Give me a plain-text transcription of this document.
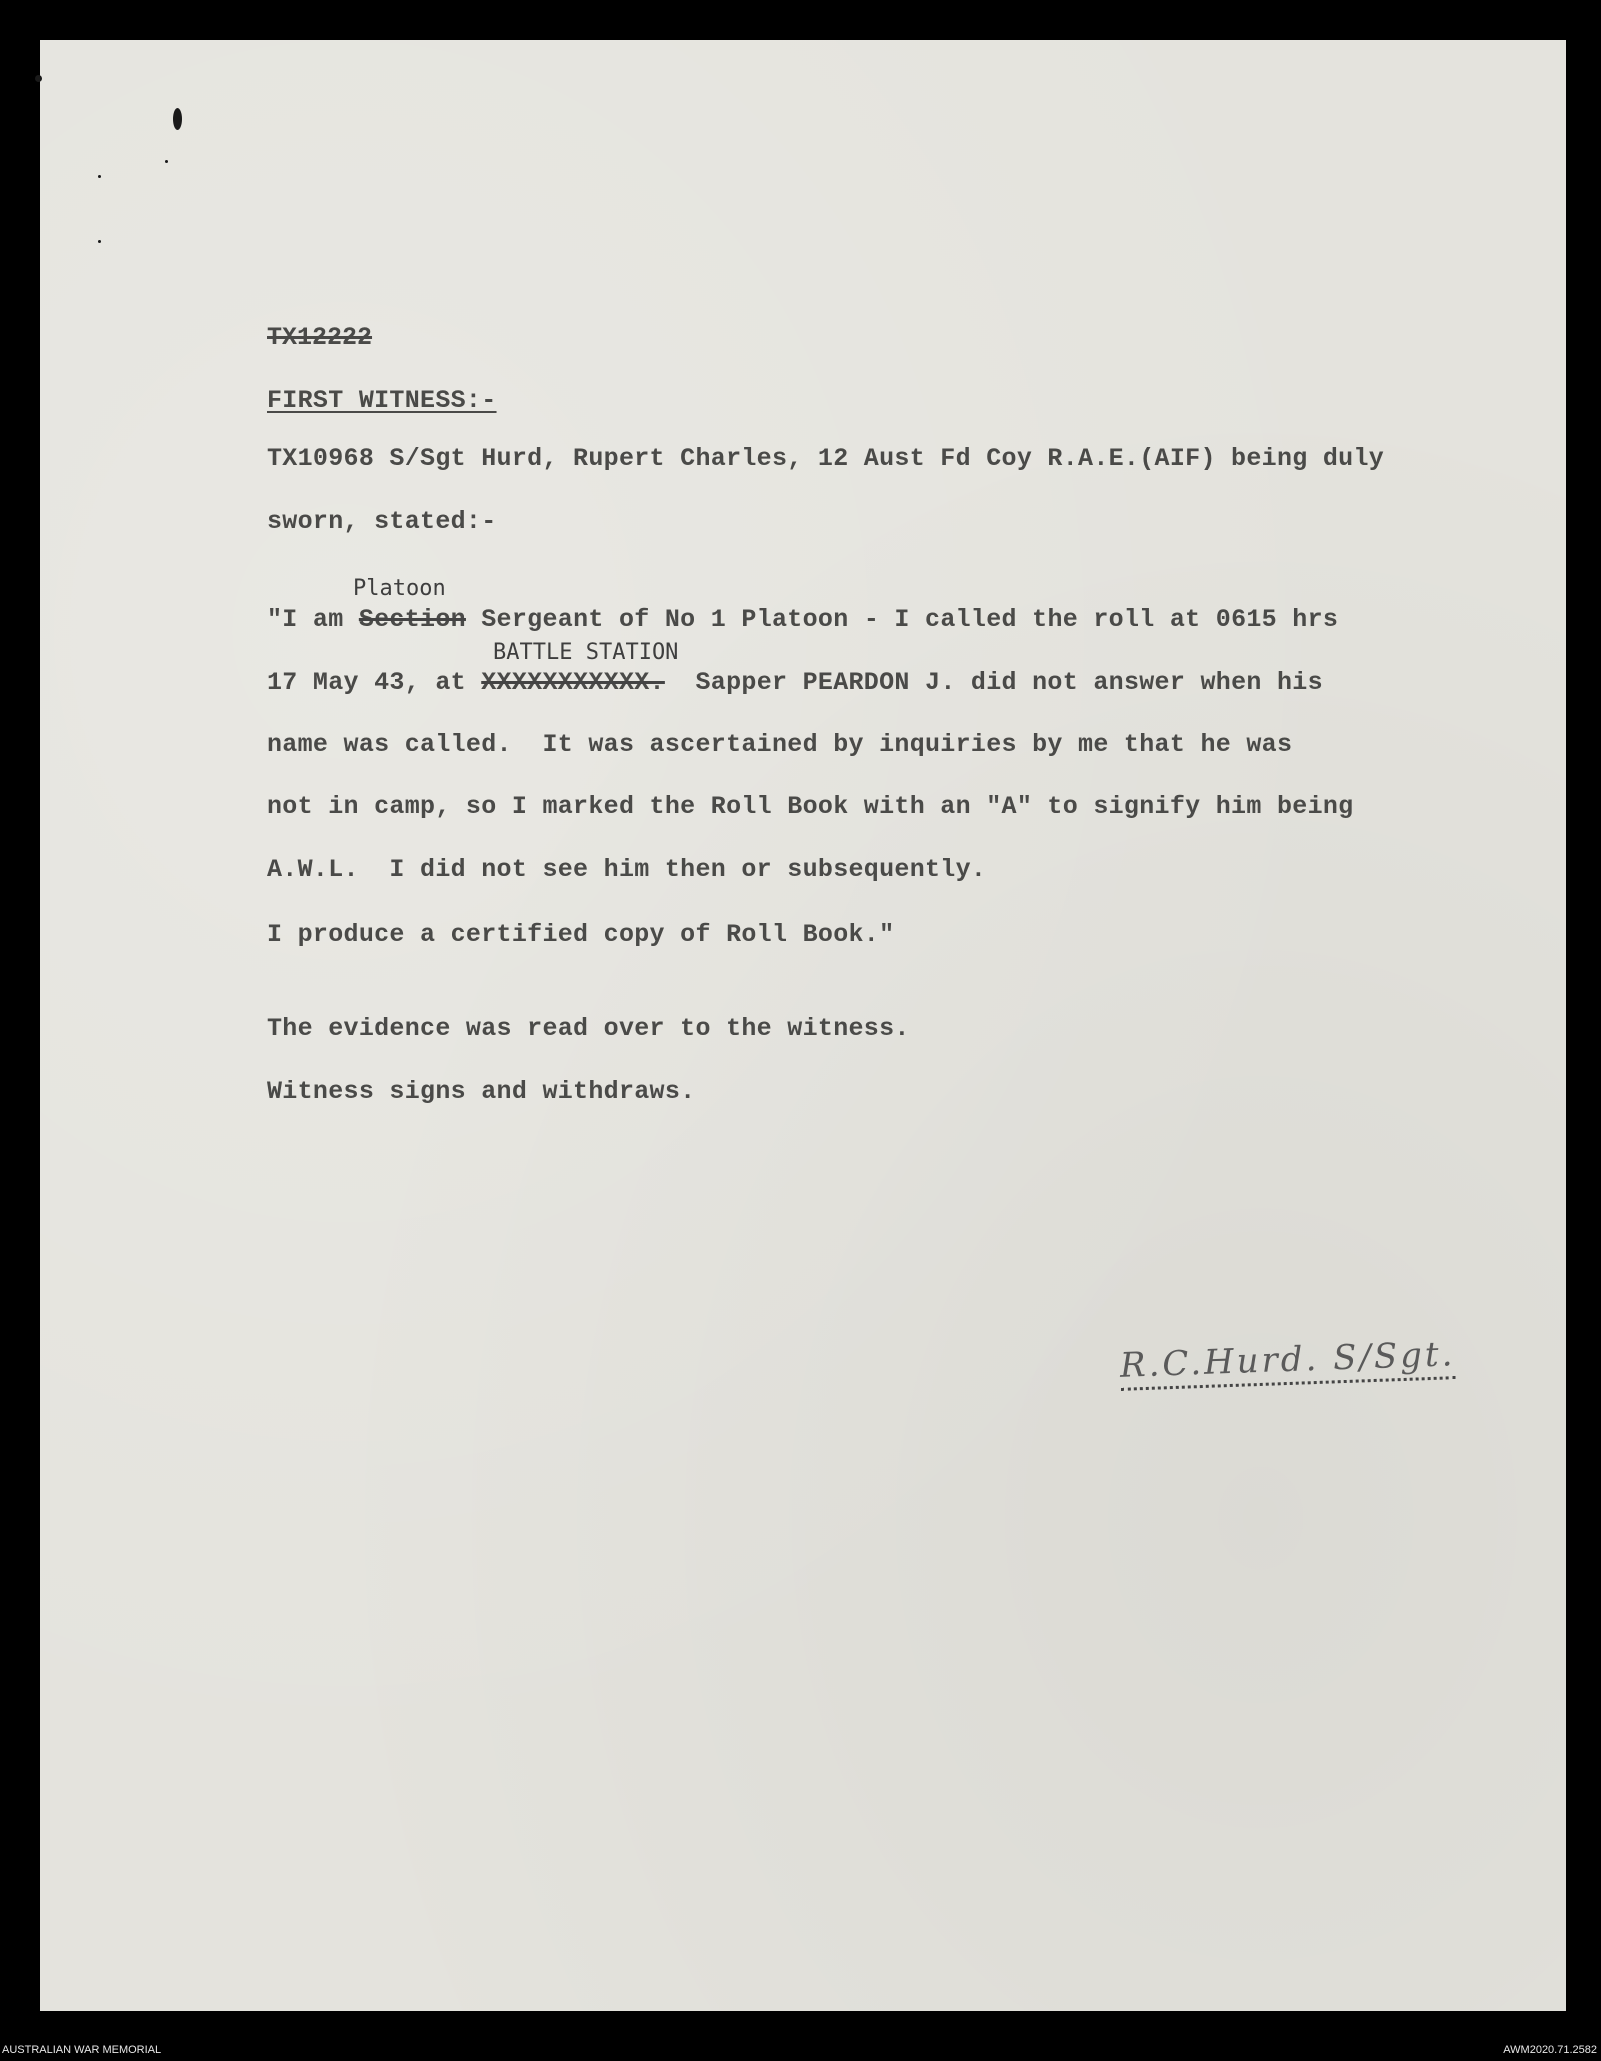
TX12222
FIRST WITNESS:-
TX10968 S/Sgt Hurd, Rupert Charles, 12 Aust Fd Coy R.A.E.(AIF) being duly
sworn, stated:-
Platoon
"I am Section Sergeant of No 1 Platoon - I called the roll at 0615 hrs
BATTLE STATION
17 May 43, at XXXXXXXXXXX.  Sapper PEARDON J. did not answer when his
name was called.  It was ascertained by inquiries by me that he was
not in camp, so I marked the Roll Book with an "A" to signify him being
A.W.L.  I did not see him then or subsequently.
I produce a certified copy of Roll Book."
The evidence was read over to the witness.
Witness signs and withdraws.
R.C.Hurd. S/Sgt.
AUSTRALIAN WAR MEMORIAL	AWM2020.71.2582
